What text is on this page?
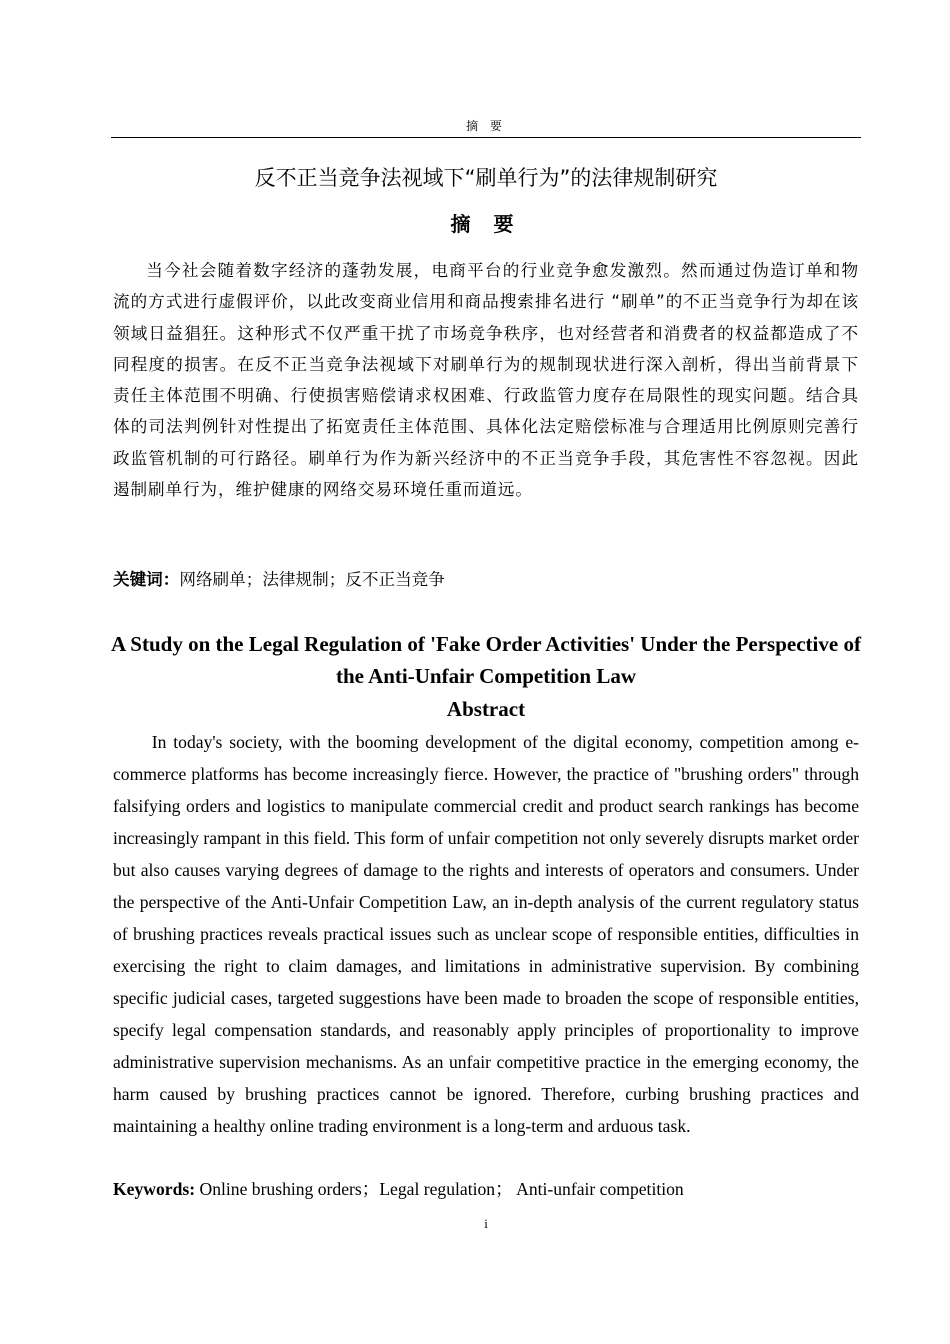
摘 要
反不正当竞争法视域下“刷单行为”的法律规制研究
摘 要

当今社会随着数字经济的蓬勃发展，电商平台的行业竞争愈发激烈。然而通过伪造订单和物流的方式进行虚假评价，以此改变商业信用和商品搜索排名进行 “刷单”的不正当竞争行为却在该领域日益猖狂。这种形式不仅严重干扰了市场竞争秩序，也对经营者和消费者的权益都造成了不同程度的损害。在反不正当竞争法视域下对刷单行为的规制现状进行深入剖析，得出当前背景下责任主体范围不明确、行使损害赔偿请求权困难、行政监管力度存在局限性的现实问题。结合具体的司法判例针对性提出了拓宽责任主体范围、具体化法定赔偿标准与合理适用比例原则完善行政监管机制的可行路径。刷单行为作为新兴经济中的不正当竞争手段，其危害性不容忽视。因此遏制刷单行为，维护健康的网络交易环境任重而道远。

关键词：网络刷单；法律规制；反不正当竞争
A Study on the Legal Regulation of 'Fake Order Activities' Under the Perspective of the Anti-Unfair Competition Law
Abstract

In today's society, with the booming development of the digital economy, competition among e-commerce platforms has become increasingly fierce. However, the practice of "brushing orders" through falsifying orders and logistics to manipulate commercial credit and product search rankings has become increasingly rampant in this field. This form of unfair competition not only severely disrupts market order but also causes varying degrees of damage to the rights and interests of operators and consumers. Under the perspective of the Anti-Unfair Competition Law, an in-depth analysis of the current regulatory status of brushing practices reveals practical issues such as unclear scope of responsible entities, difficulties in exercising the right to claim damages, and limitations in administrative supervision. By combining specific judicial cases, targeted suggestions have been made to broaden the scope of responsible entities, specify legal compensation standards, and reasonably apply principles of proportionality to improve administrative supervision mechanisms. As an unfair competitive practice in the emerging economy, the harm caused by brushing practices cannot be ignored. Therefore, curbing brushing practices and maintaining a healthy online trading environment is a long-term and arduous task.

Keywords: Online brushing orders；Legal regulation； Anti-unfair competition
i
